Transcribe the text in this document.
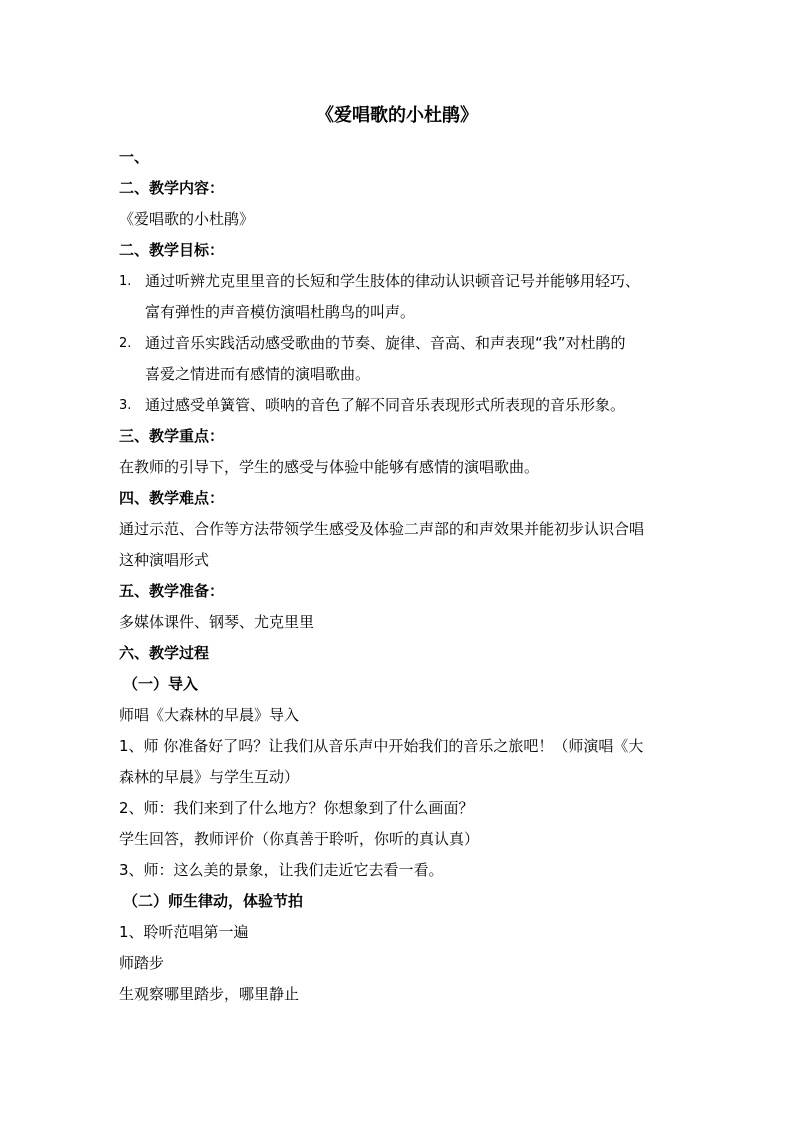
《爱唱歌的小杜鹃》
一、
二、教学内容：
《爱唱歌的小杜鹃》
二、教学目标：
1. 通过听辨尤克里里音的长短和学生肢体的律动认识顿音记号并能够用轻巧、
富有弹性的声音模仿演唱杜鹃鸟的叫声。
2. 通过音乐实践活动感受歌曲的节奏、旋律、音高、和声表现“我”对杜鹃的
喜爱之情进而有感情的演唱歌曲。
3. 通过感受单簧管、唢呐的音色了解不同音乐表现形式所表现的音乐形象。
三、教学重点：
在教师的引导下，学生的感受与体验中能够有感情的演唱歌曲。
四、教学难点：
通过示范、合作等方法带领学生感受及体验二声部的和声效果并能初步认识合唱
这种演唱形式
五、教学准备：
多媒体课件、钢琴、尤克里里
六、教学过程
（一）导入
师唱《大森林的早晨》导入
1、师 你准备好了吗？让我们从音乐声中开始我们的音乐之旅吧！（师演唱《大
森林的早晨》与学生互动）
2、师：我们来到了什么地方？你想象到了什么画面？
学生回答，教师评价（你真善于聆听，你听的真认真）
3、师：这么美的景象，让我们走近它去看一看。
（二）师生律动，体验节拍
1、聆听范唱第一遍
师踏步
生观察哪里踏步，哪里静止
